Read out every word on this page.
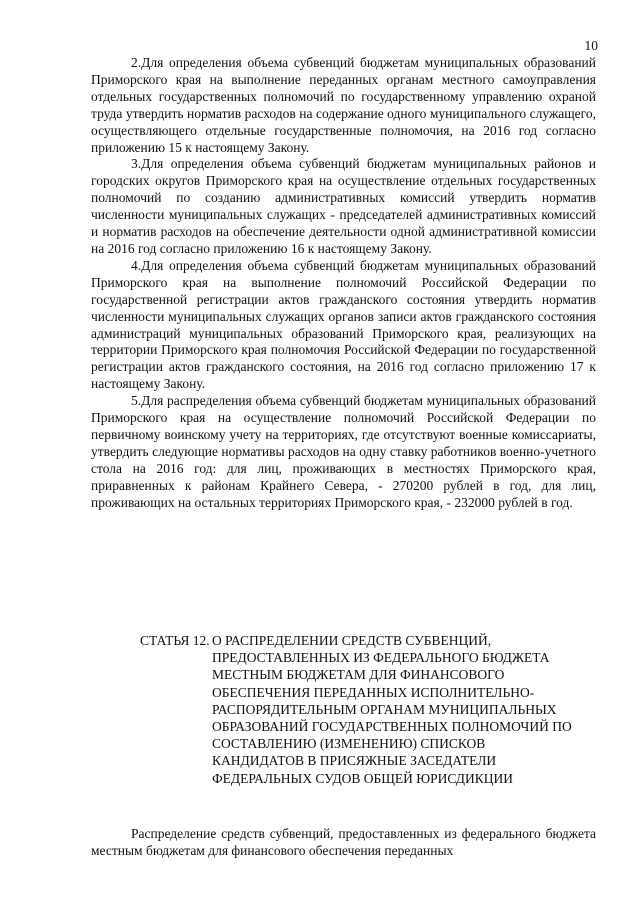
10

2.Для определения объема субвенций бюджетам муниципальных образований Приморского края на выполнение переданных органам местного самоуправления отдельных государственных полномочий по государственному управлению охраной труда утвердить норматив расходов на содержание одного муниципального служащего, осуществляющего отдельные государственные полномочия, на 2016 год согласно приложению 15 к настоящему Закону.

3.Для определения объема субвенций бюджетам муниципальных районов и городских округов Приморского края на осуществление отдельных государственных полномочий по созданию административных комиссий утвердить норматив численности муниципальных служащих - председателей административных комиссий и норматив расходов на обеспечение деятельности одной административной комиссии на 2016 год согласно приложению 16 к настоящему Закону.

4.Для определения объема субвенций бюджетам муниципальных образований Приморского края на выполнение полномочий Российской Федерации по государственной регистрации актов гражданского состояния утвердить норматив численности муниципальных служащих органов записи актов гражданского состояния администраций муниципальных образований Приморского края, реализующих на территории Приморского края полномочия Российской Федерации по государственной регистрации актов гражданского состояния, на 2016 год согласно приложению 17 к настоящему Закону.

5.Для распределения объема субвенций бюджетам муниципальных образований Приморского края на осуществление полномочий Российской Федерации по первичному воинскому учету на территориях, где отсутствуют военные комиссариаты, утвердить следующие нормативы расходов на одну ставку работников военно-учетного стола на 2016 год: для лиц, проживающих в местностях Приморского края, приравненных к районам Крайнего Севера, - 270200 рублей в год, для лиц, проживающих на остальных территориях Приморского края, - 232000 рублей в год.

СТАТЬЯ 12. О РАСПРЕДЕЛЕНИИ СРЕДСТВ СУБВЕНЦИЙ, ПРЕДОСТАВЛЕННЫХ ИЗ ФЕДЕРАЛЬНОГО БЮДЖЕТА МЕСТНЫМ БЮДЖЕТАМ ДЛЯ ФИНАНСОВОГО ОБЕСПЕЧЕНИЯ ПЕРЕДАННЫХ ИСПОЛНИТЕЛЬНО-РАСПОРЯДИТЕЛЬНЫМ ОРГАНАМ МУНИЦИПАЛЬНЫХ ОБРАЗОВАНИЙ ГОСУДАРСТВЕННЫХ ПОЛНОМОЧИЙ ПО СОСТАВЛЕНИЮ (ИЗМЕНЕНИЮ) СПИСКОВ КАНДИДАТОВ В ПРИСЯЖНЫЕ ЗАСЕДАТЕЛИ ФЕДЕРАЛЬНЫХ СУДОВ ОБЩЕЙ ЮРИСДИКЦИИ

Распределение средств субвенций, предоставленных из федерального бюджета местным бюджетам для финансового обеспечения переданных
